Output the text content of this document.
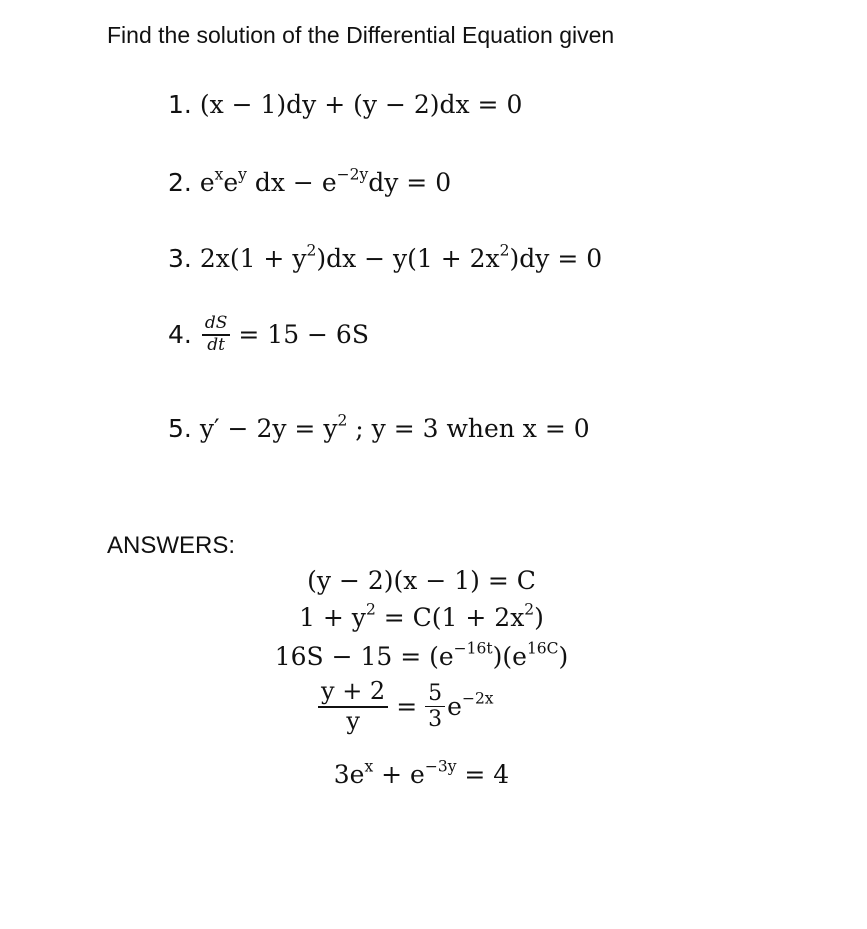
Find the solution of the Differential Equation given
1. (x − 1)dy + (y − 2)dx = 0
2. $e^xe^y$ dx − $e^{-2y}dy = 0$
3. $2x(1 + y^2)dx - y(1 + 2x^2)dy = 0$
4. $\frac{dS}{dt} = 15 - 6S$
5. $y' - 2y = y^2$ ; y = 3 when x = 0
ANSWERS:
(y − 2)(x − 1) = C
$1 + y^2 = C(1 + 2x^2)$
$16S - 15 = (e^{-16t})(e^{16C})$
$\frac{y + 2}{y} = \frac{5}{3} e^{-2x}$
$3e^x + e^{-3y} = 4$
